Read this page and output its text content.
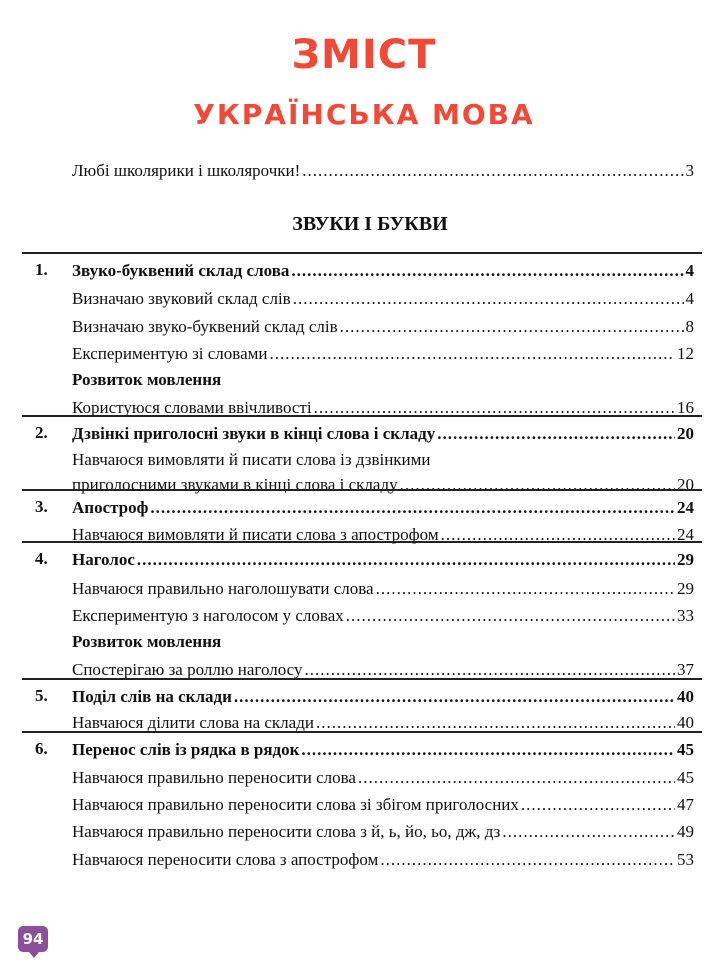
ЗМІСТ
УКРАЇНСЬКА МОВА
Любі школярики і школярочки! .....	3
ЗВУКИ І БУКВИ
1. Звуко-буквений склад слова .....	4
Визначаю звуковий склад слів .....	4
Визначаю звуко-буквений склад слів .....	8
Експериментую зі словами .....	12
Розвиток мовлення
Користуюся словами ввічливості .....	16
2. Дзвінкі приголосні звуки в кінці слова і складу .....	20
Навчаюся вимовляти й писати слова із дзвінкими
приголосними звуками в кінці слова і складу .....	20
3. Апостроф .....	24
Навчаюся вимовляти й писати слова з апострофом .....	24
4. Наголос .....	29
Навчаюся правильно наголошувати слова .....	29
Експериментую з наголосом у словах .....	33
Розвиток мовлення
Спостерігаю за роллю наголосу .....	37
5. Поділ слів на склади .....	40
Навчаюся ділити слова на склади .....	40
6. Перенос слів із рядка в рядок .....	45
Навчаюся правильно переносити слова .....	45
Навчаюся правильно переносити слова зі збігом приголосних .....	47
Навчаюся правильно переносити слова з й, ь, йо, ьо, дж, дз .....	49
Навчаюся переносити слова з апострофом .....	53
94
